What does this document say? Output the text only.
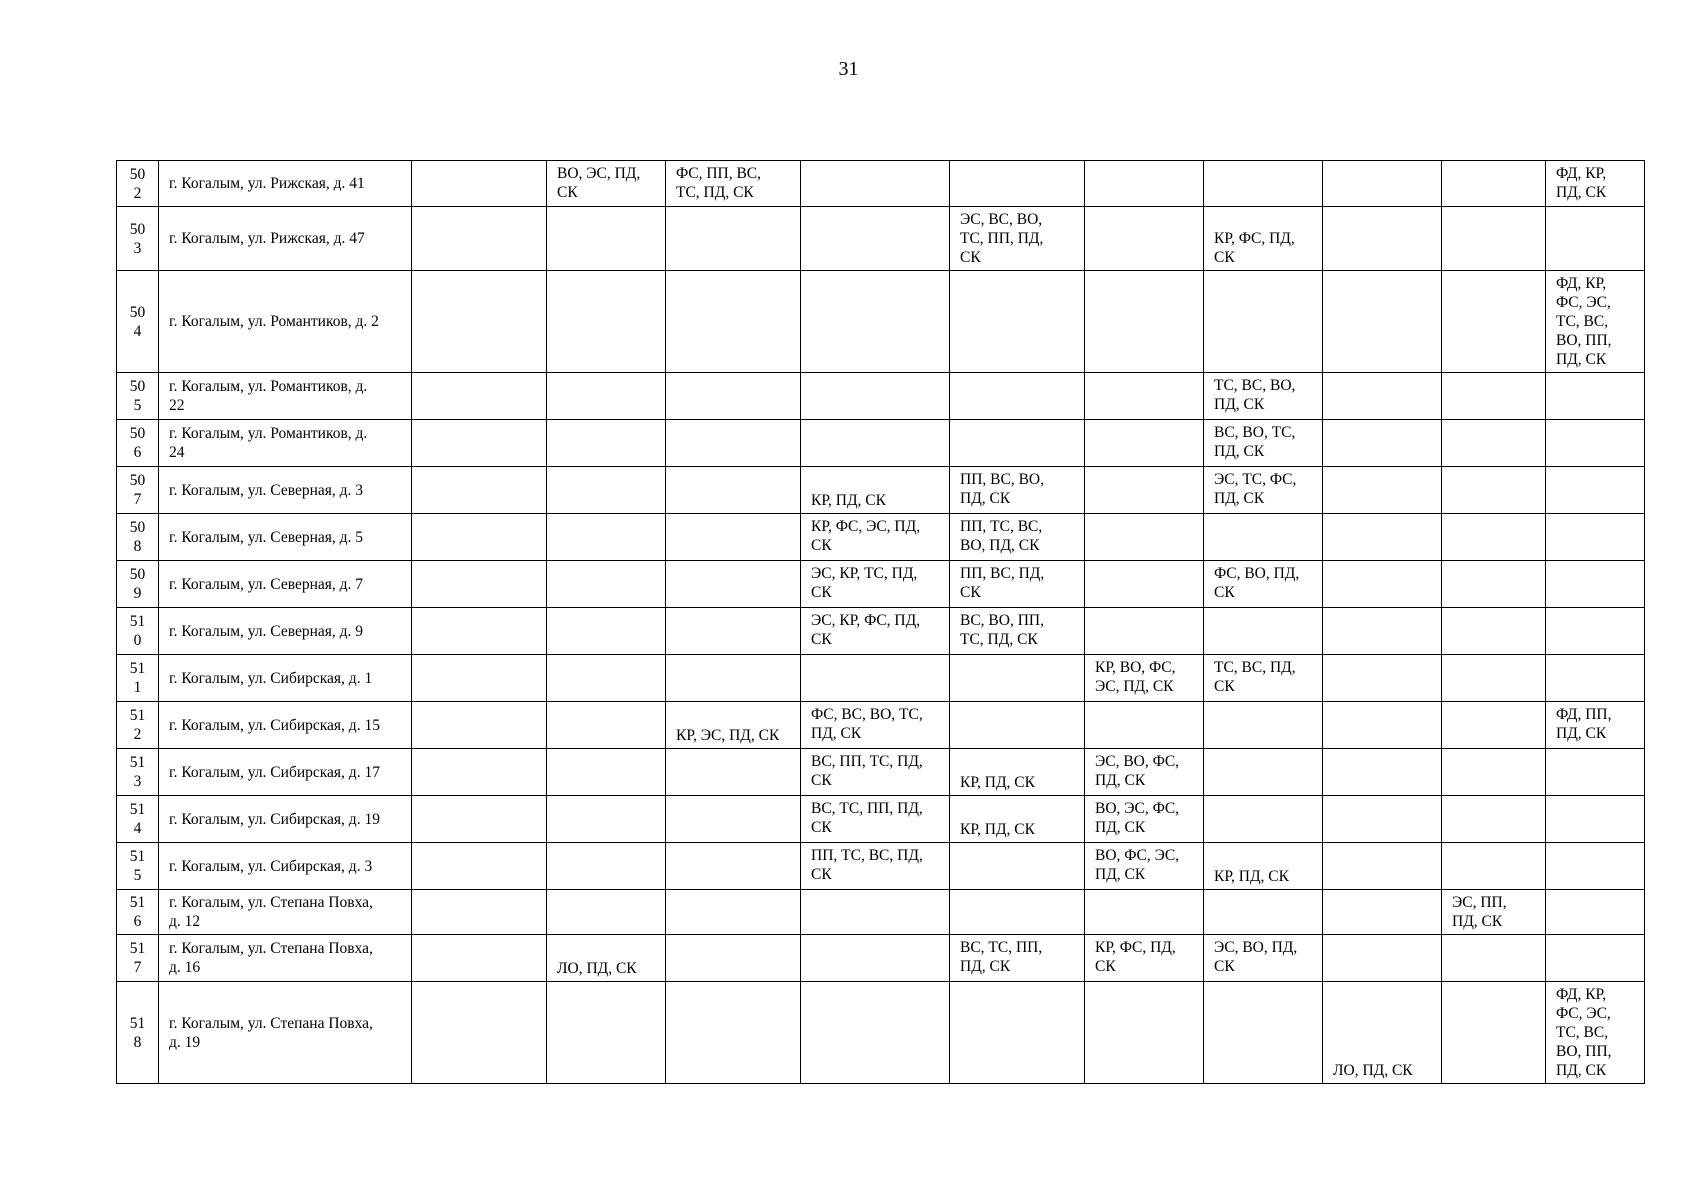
31
50
2	г. Когалым, ул. Рижская, д. 41		ВО, ЭС, ПД,
СК	ФС, ПП, ВС,
ТС, ПД, СК							ФД, КР,
ПД, СК
50
3	г. Когалым, ул. Рижская, д. 47					ЭС, ВС, ВО,
ТС, ПП, ПД,
СК		КР, ФС, ПД,
СК			
50
4	г. Когалым, ул. Романтиков, д. 2										ФД, КР,
ФС, ЭС,
ТС, ВС,
ВО, ПП,
ПД, СК
50
5	г. Когалым, ул. Романтиков, д.
22							ТС, ВС, ВО,
ПД, СК			
50
6	г. Когалым, ул. Романтиков, д.
24							ВС, ВО, ТС,
ПД, СК			
50
7	г. Когалым, ул. Северная, д. 3				КР, ПД, СК	ПП, ВС, ВО,
ПД, СК		ЭС, ТС, ФС,
ПД, СК			
50
8	г. Когалым, ул. Северная, д. 5				КР, ФС, ЭС, ПД,
СК	ПП, ТС, ВС,
ВО, ПД, СК					
50
9	г. Когалым, ул. Северная, д. 7				ЭС, КР, ТС, ПД,
СК	ПП, ВС, ПД,
СК		ФС, ВО, ПД,
СК			
51
0	г. Когалым, ул. Северная, д. 9				ЭС, КР, ФС, ПД,
СК	ВС, ВО, ПП,
ТС, ПД, СК					
51
1	г. Когалым, ул. Сибирская, д. 1						КР, ВО, ФС,
ЭС, ПД, СК	ТС, ВС, ПД,
СК			
51
2	г. Когалым, ул. Сибирская, д. 15			КР, ЭС, ПД, СК	ФС, ВС, ВО, ТС,
ПД, СК						ФД, ПП,
ПД, СК
51
3	г. Когалым, ул. Сибирская, д. 17				ВС, ПП, ТС, ПД,
СК	КР, ПД, СК	ЭС, ВО, ФС,
ПД, СК				
51
4	г. Когалым, ул. Сибирская, д. 19				ВС, ТС, ПП, ПД,
СК	КР, ПД, СК	ВО, ЭС, ФС,
ПД, СК				
51
5	г. Когалым, ул. Сибирская, д. 3				ПП, ТС, ВС, ПД,
СК		ВО, ФС, ЭС,
ПД, СК	КР, ПД, СК			
51
6	г. Когалым, ул. Степана Повха,
д. 12									ЭС, ПП,
ПД, СК	
51
7	г. Когалым, ул. Степана Повха,
д. 16		ЛО, ПД, СК			ВС, ТС, ПП,
ПД, СК	КР, ФС, ПД,
СК	ЭС, ВО, ПД,
СК			
51
8	г. Когалым, ул. Степана Повха,
д. 19								ЛО, ПД, СК		ФД, КР,
ФС, ЭС,
ТС, ВС,
ВО, ПП,
ПД, СК
